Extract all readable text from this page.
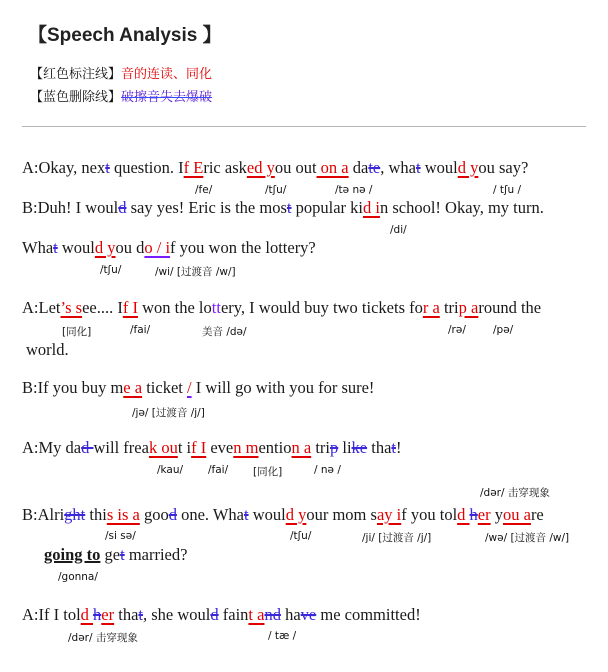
【Speech Analysis 】
【红色标注线】音的连读、同化
【蓝色删除线】破擦音失去爆破
A:Okay, next question. If Eric asked you out on a date, what would you say?
/fe/	/tʃu/	/tə nə /	/ tʃu /
B:Duh! I would say yes! Eric is the most popular kid in school! Okay, my turn.
/di/
What would you do / if you won the lottery?
/tʃu/	/wi/ [过渡音 /w/]
A:Let’s see.... If I won the lottery, I would buy two tickets for a trip around the
[同化]	/fai/	美音 /də/	/rə/	/pə/
world.
B:If you buy me a ticket / I will go with you for sure!
/jə/ [过渡音 /j/]
A:My dad will freak out if I even mention a trip like that!
/kau/ /fai/ [同化]	/ nə /
/dər/ 击穿现象
B:Alright this is a good one. What would your mom say if you told her you are
/si sə/	/tʃu/	/ji/ [过渡音 /j/]	/wə/ [过渡音 /w/]
going to get married?
/gonna/
A:If I told her that, she would faint and have me committed!
/dər/ 击穿现象	/ tæ /
